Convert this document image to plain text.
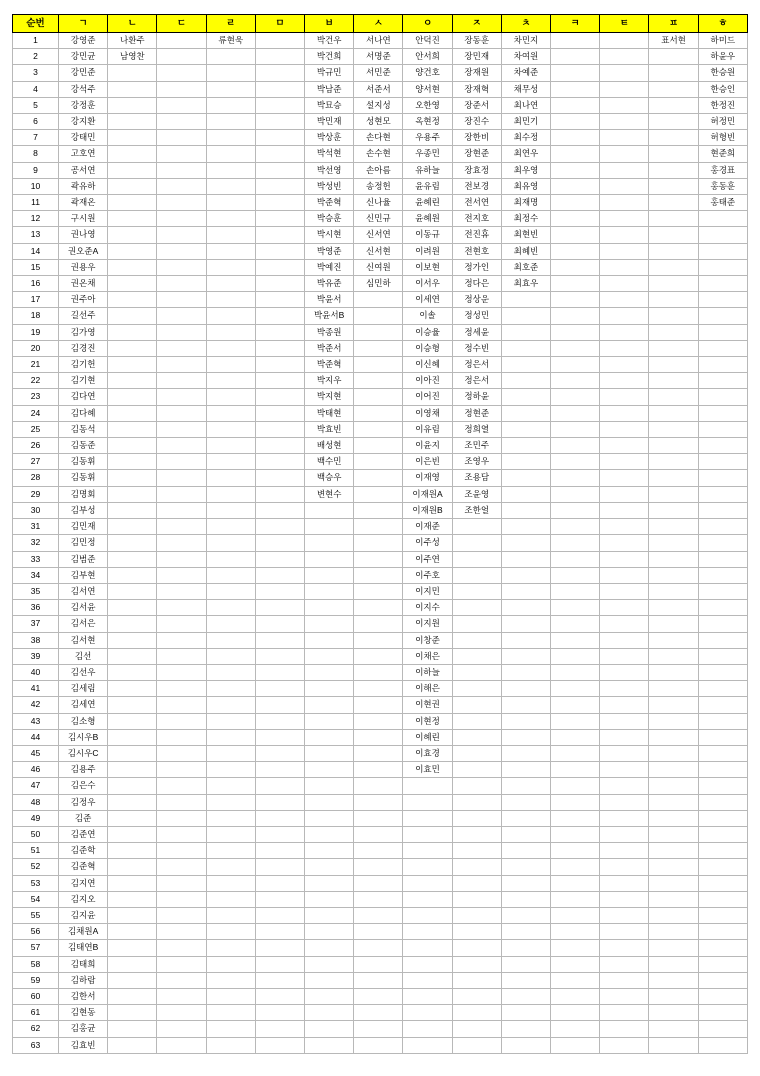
순번	ㄱ	ㄴ	ㄷ	ㄹ	ㅁ	ㅂ	ㅅ	ㅇ	ㅈ	ㅊ	ㅋ	ㅌ	ㅍ	ㅎ
1	강영준	나환주		류현욱		박건우	서나연	안덕진	장동훈	차민지			표서현	하미드
2	강민균	남영찬				박건희	서명준	안서희	장민재	차여원				하윤우
3	강민준					박규민	서민준	양건호	장재원	차예준				한승원
4	강석주					박남준	서준서	양서현	장재혁	채무성				한승인
5	강정훈					박묘승	설지성	오한영	장준서	최나연				한정진
6	강지환					박민재	성현모	옥현정	장진수	최민기				허정민
7	강태민					박상훈	손다현	우용주	장한비	최수정				허형빈
8	고호연					박석현	손수현	우종민	장현준	최연우				현준희
9	공서연					박선영	손아름	유하늘	장효정	최우영				홍경표
10	곽유하					박성빈	송정헌	윤유림	전보경	최유영				홍동훈
11	곽재온					박준혁	신나율	윤혜린	전서연	최재명				홍태준
12	구시원					박승훈	신민규	윤혜원	전지호	최정수				
13	권나영					박시현	신서연	이동규	전진휴	최현빈				
14	권오준A					박영준	신서현	이려원	전현호	최혜빈				
15	권용우					박예진	신여원	이보현	정가인	최호준				
16	권온채					박유준	심민하	이서우	정다은	최효우				
17	권주아					박윤서		이세연	정상운					
18	길선주					박윤서B		이솔	정성민					
19	김가영					박종원		이승율	정세윤					
20	김경진					박준서		이승형	정수빈					
21	김기헌					박준혁		이신혜	정은서					
22	김기현					박지우		이아진	정은서					
23	김다연					박지현		이어진	정하윤					
24	김다혜					박태현		이영채	정현준					
25	김동석					박효빈		이유림	정희열					
26	김동준					배성현		이윤지	조민주					
27	김동휘					백수민		이은빈	조영우					
28	김동휘					백승우		이재영	조용담					
29	김명회					변현수		이재원A	조윤영					
30	김부성							이재원B	조한얼					
31	김민재							이재준						
32	김민정							이주성						
33	김범준							이주연						
34	김부현							이주호						
35	김서연							이지민						
36	김서윤							이지수						
37	김서은							이지원						
38	김서현							이창준						
39	김선							이채은						
40	김선우							이하늘						
41	김세림							이해은						
42	김세연							이현권						
43	김소형							이현정						
44	김시우B							이혜린						
45	김시우C							이효경						
46	김용주							이효민						
47	김은수													
48	김정우													
49	김준													
50	김준연													
51	김준학													
52	김준혁													
53	김지연													
54	김지오													
55	김지윤													
56	김채원A													
57	김태연B													
58	김태희													
59	김하람													
60	김한서													
61	김현동													
62	김홍균													
63	김효빈													
